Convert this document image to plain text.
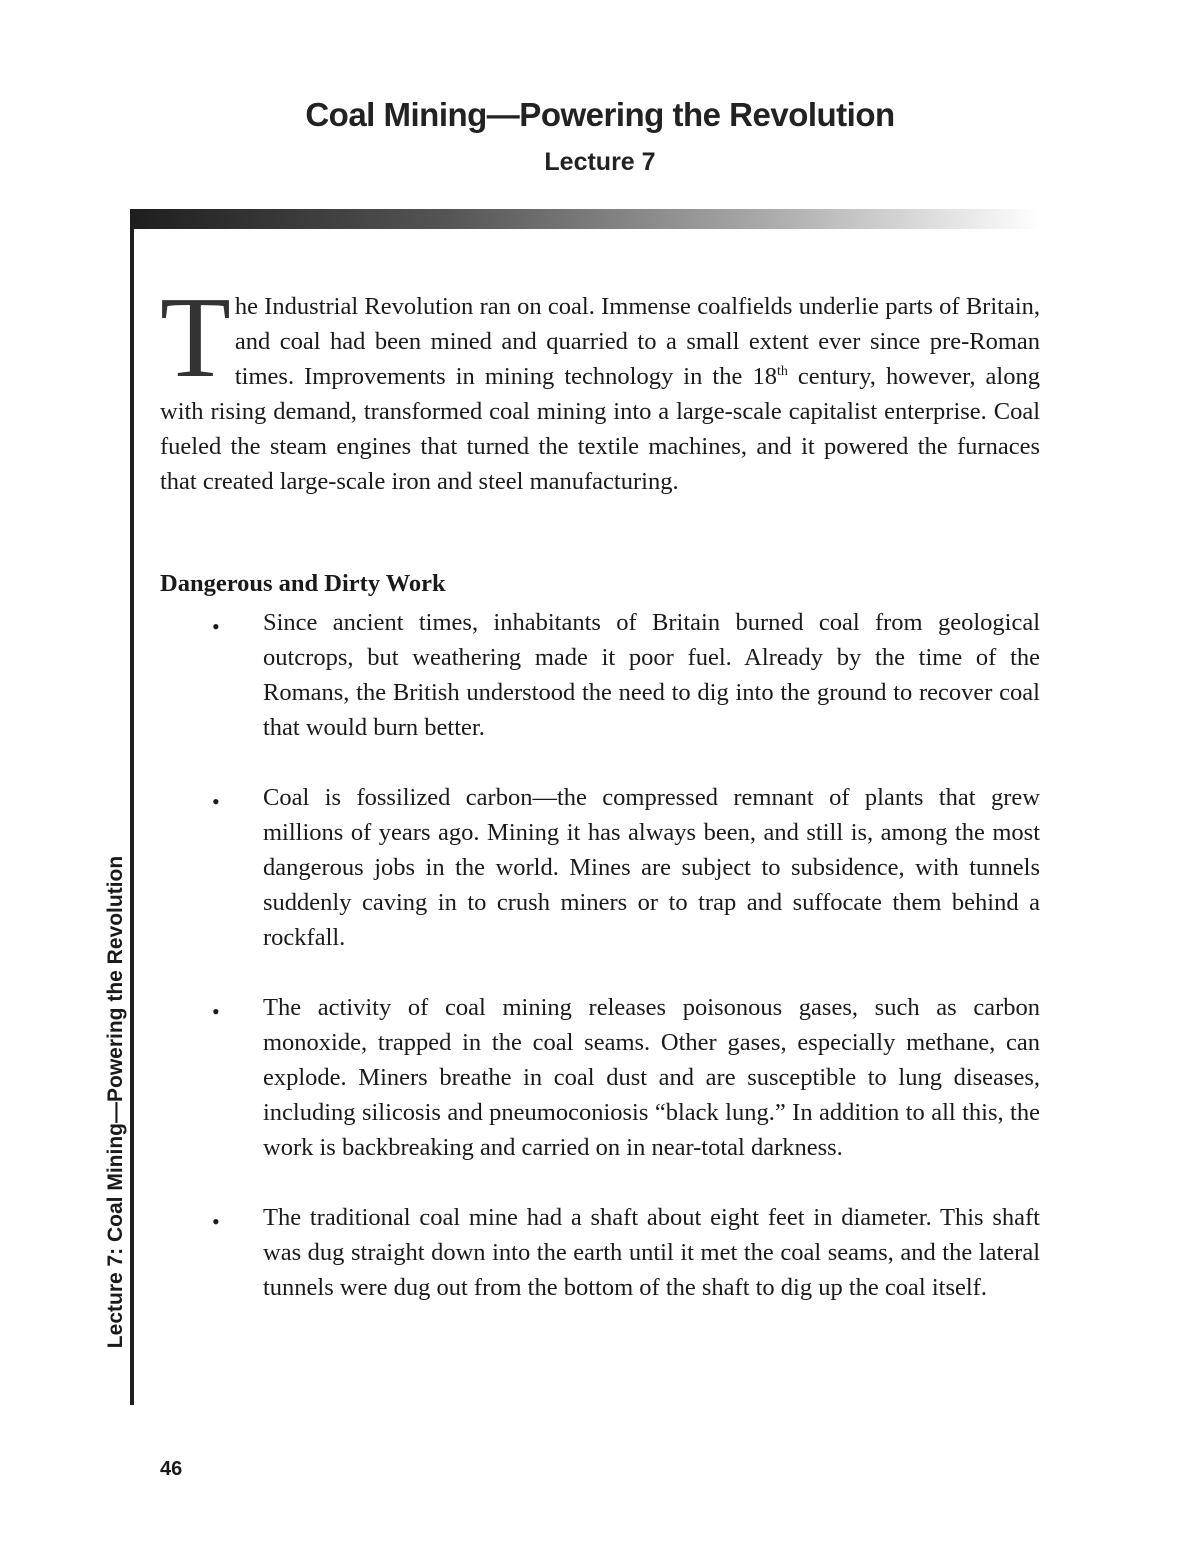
Coal Mining—Powering the Revolution
Lecture 7
Lecture 7: Coal Mining—Powering the Revolution

The Industrial Revolution ran on coal. Immense coalfields underlie parts of Britain, and coal had been mined and quarried to a small extent ever since pre-Roman times. Improvements in mining technology in the 18th century, however, along with rising demand, transformed coal mining into a large-scale capitalist enterprise. Coal fueled the steam engines that turned the textile machines, and it powered the furnaces that created large-scale iron and steel manufacturing.

Dangerous and Dirty Work
• Since ancient times, inhabitants of Britain burned coal from geological outcrops, but weathering made it poor fuel. Already by the time of the Romans, the British understood the need to dig into the ground to recover coal that would burn better.
• Coal is fossilized carbon—the compressed remnant of plants that grew millions of years ago. Mining it has always been, and still is, among the most dangerous jobs in the world. Mines are subject to subsidence, with tunnels suddenly caving in to crush miners or to trap and suffocate them behind a rockfall.
• The activity of coal mining releases poisonous gases, such as carbon monoxide, trapped in the coal seams. Other gases, especially methane, can explode. Miners breathe in coal dust and are susceptible to lung diseases, including silicosis and pneumoconiosis “black lung.” In addition to all this, the work is backbreaking and carried on in near-total darkness.
• The traditional coal mine had a shaft about eight feet in diameter. This shaft was dug straight down into the earth until it met the coal seams, and the lateral tunnels were dug out from the bottom of the shaft to dig up the coal itself.
46
